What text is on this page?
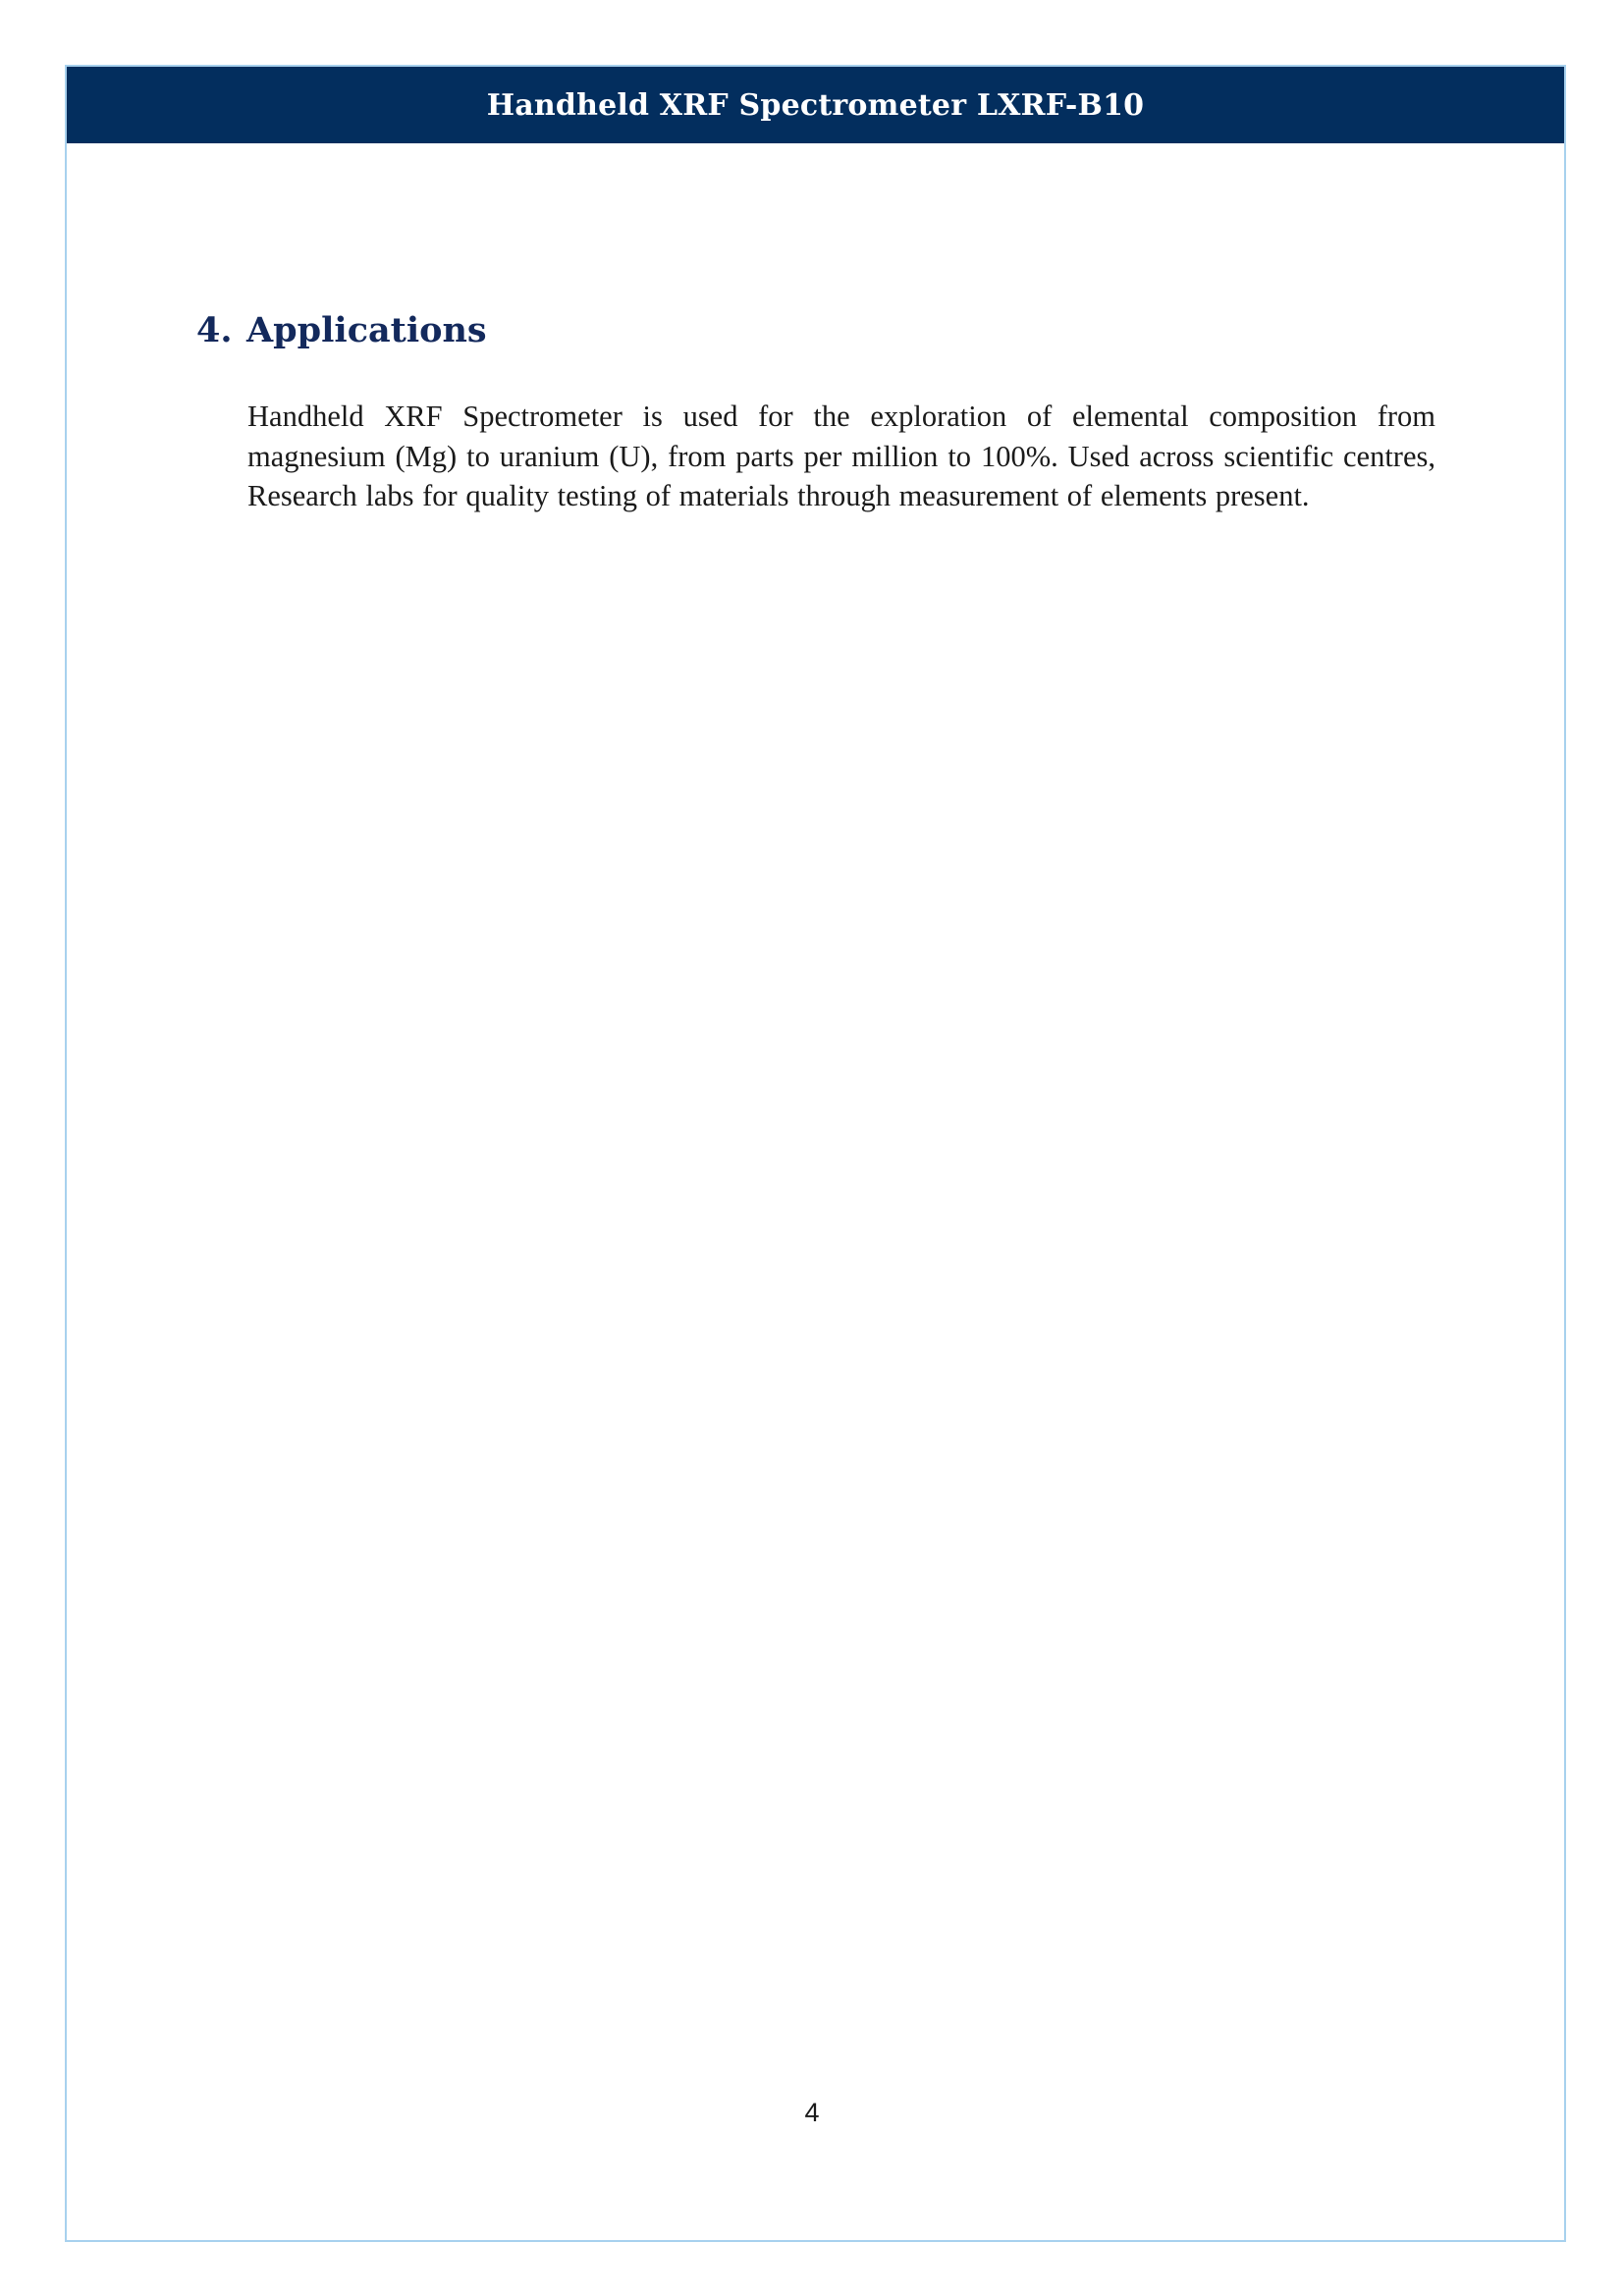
Handheld XRF Spectrometer LXRF-B10
4. Applications

Handheld XRF Spectrometer is used for the exploration of elemental composition from magnesium (Mg) to uranium (U), from parts per million to 100%. Used across scientific centres, Research labs for quality testing of materials through measurement of elements present.

4
